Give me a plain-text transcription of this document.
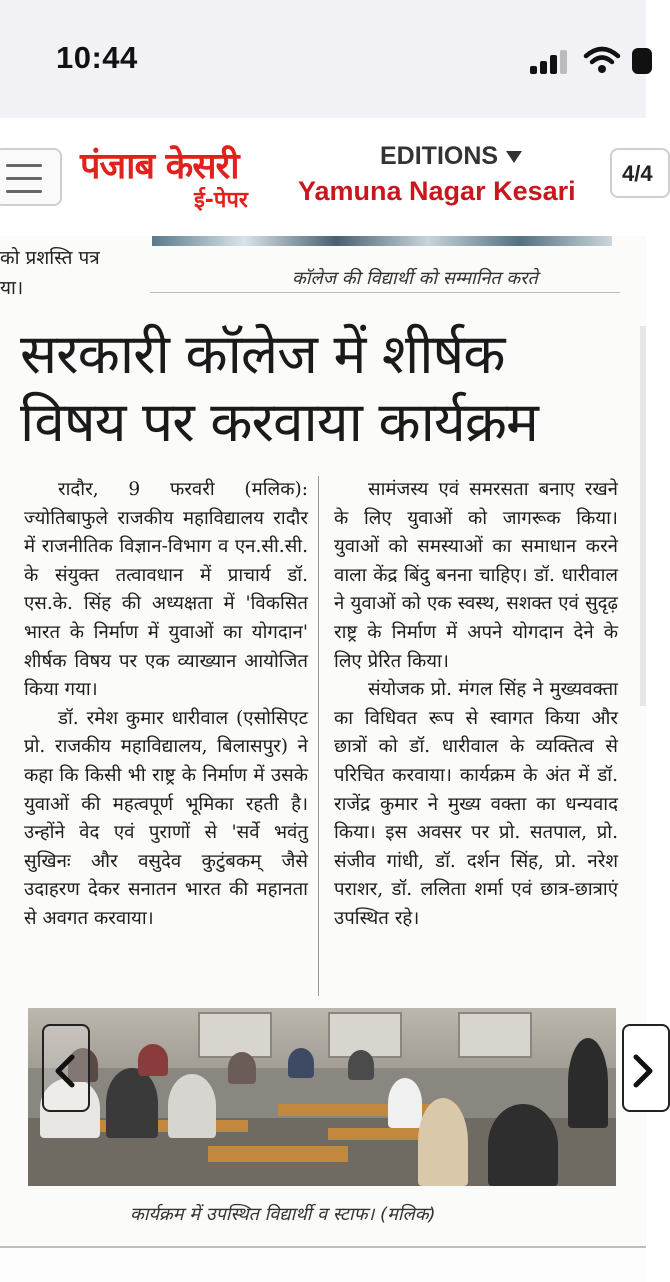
10:44
पंजाब केसरी
ई-पेपर
EDITIONS
Yamuna Nagar Kesari
4/4
को प्रशस्ति पत्र
या।	कॉलेज की विद्यार्थी को सम्मानित करते
सरकारी कॉलेज में शीर्षक विषय पर करवाया कार्यक्रम

रादौर, 9 फरवरी (मलिक): ज्योतिबाफुले राजकीय महाविद्यालय रादौर में राजनीतिक विज्ञान-विभाग व एन.सी.सी. के संयुक्त तत्वावधान में प्राचार्य डॉ. एस.के. सिंह की अध्यक्षता में 'विकसित भारत के निर्माण में युवाओं का योगदान' शीर्षक विषय पर एक व्याख्यान आयोजित किया गया।

डॉ. रमेश कुमार धारीवाल (एसोसिएट प्रो. राजकीय महाविद्यालय, बिलासपुर) ने कहा कि किसी भी राष्ट्र के निर्माण में उसके युवाओं की महत्वपूर्ण भूमिका रहती है। उन्होंने वेद एवं पुराणों से 'सर्वे भवंतु सुखिनः और वसुदेव कुटुंबकम् जैसे उदाहरण देकर सनातन भारत की महानता से अवगत करवाया।

सामंजस्य एवं समरसता बनाए रखने के लिए युवाओं को जागरूक किया। युवाओं को समस्याओं का समाधान करने वाला केंद्र बिंदु बनना चाहिए। डॉ. धारीवाल ने युवाओं को एक स्वस्थ, सशक्त एवं सुदृढ़ राष्ट्र के निर्माण में अपने योगदान देने के लिए प्रेरित किया।

संयोजक प्रो. मंगल सिंह ने मुख्यवक्ता का विधिवत रूप से स्वागत किया और छात्रों को डॉ. धारीवाल के व्यक्तित्व से परिचित करवाया। कार्यक्रम के अंत में डॉ. राजेंद्र कुमार ने मुख्य वक्ता का धन्यवाद किया। इस अवसर पर प्रो. सतपाल, प्रो. संजीव गांधी, डॉ. दर्शन सिंह, प्रो. नरेश पराशर, डॉ. ललिता शर्मा एवं छात्र-छात्राएं उपस्थित रहे।

कार्यक्रम में उपस्थित विद्यार्थी व स्टाफ। (मलिक)
